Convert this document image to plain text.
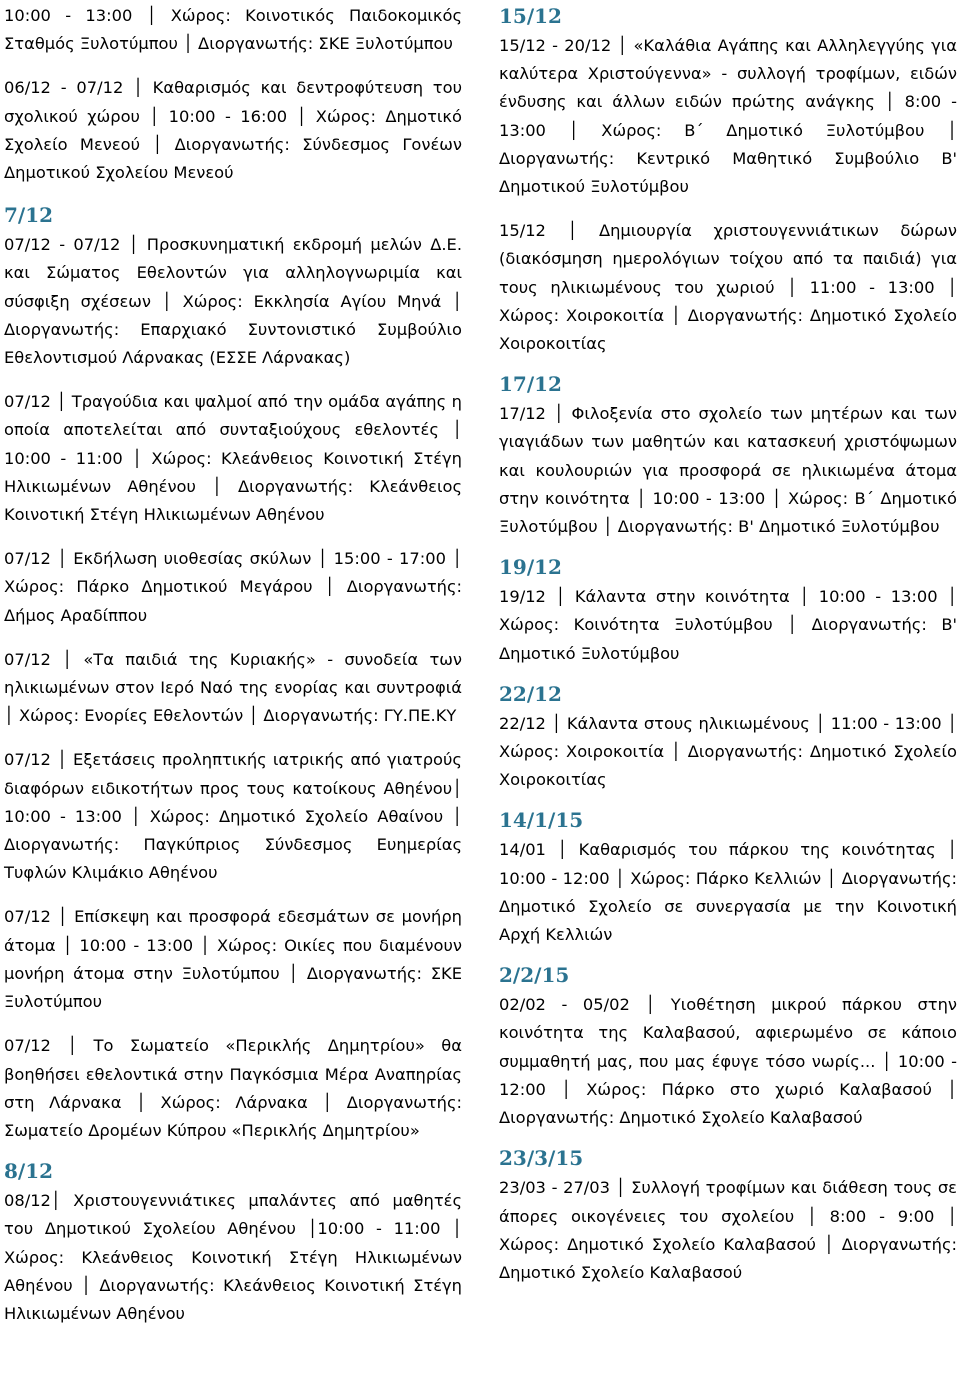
10:00 - 13:00 │ Χώρος: Κοινοτικός Παιδοκομικός Σταθμός Ξυλοτύμπου │ Διοργανωτής: ΣΚΕ Ξυλοτύμπου

06/12 - 07/12 │ Καθαρισμός και δεντροφύτευση του σχολικού χώρου │ 10:00 - 16:00 │ Χώρος: Δημοτικό Σχολείο Μενεού │ Διοργανωτής: Σύνδεσμος Γονέων Δημοτικού Σχολείου Μενεού

7/12

07/12 - 07/12 │ Προσκυνηματική εκδρομή μελών Δ.Ε. και Σώματος Εθελοντών για αλληλογνωριμία και σύσφιξη σχέσεων │ Χώρος: Εκκλησία Αγίου Μηνά │ Διοργανωτής: Επαρχιακό Συντονιστικό Συμβούλιο Εθελοντισμού Λάρνακας (ΕΣΣΕ Λάρνακας)

07/12 │ Τραγούδια και ψαλμοί από την ομάδα αγάπης η οποία αποτελείται από συνταξιούχους εθελοντές │ 10:00 - 11:00 │ Χώρος: Κλεάνθειος Κοινοτική Στέγη Ηλικιωμένων Αθηένου │ Διοργανωτής: Κλεάνθειος Κοινοτική Στέγη Ηλικιωμένων Αθηένου

07/12 │ Εκδήλωση υιοθεσίας σκύλων │ 15:00 - 17:00 │ Χώρος: Πάρκο Δημοτικού Μεγάρου │ Διοργανωτής: Δήμος Αραδίππου

07/12 │ «Τα παιδιά της Κυριακής» - συνοδεία των ηλικιωμένων στον Ιερό Ναό της ενορίας και συντροφιά │ Χώρος: Ενορίες Εθελοντών │ Διοργανωτής: ΓΥ.ΠΕ.ΚΥ

07/12 │ Εξετάσεις προληπτικής ιατρικής από γιατρούς διαφόρων ειδικοτήτων προς τους κατοίκους Αθηένου│ 10:00 - 13:00 │ Χώρος: Δημοτικό Σχολείο Αθαίνου │ Διοργανωτής: Παγκύπριος Σύνδεσμος Ευημερίας Τυφλών Κλιμάκιο Αθηένου

07/12 │ Επίσκεψη και προσφορά εδεσμάτων σε μονήρη άτομα │ 10:00 - 13:00 │ Χώρος: Οικίες που διαμένουν μονήρη άτομα στην Ξυλοτύμπου │ Διοργανωτής: ΣΚΕ Ξυλοτύμπου

07/12 │ Το Σωματείο «Περικλής Δημητρίου» θα βοηθήσει εθελοντικά στην Παγκόσμια Μέρα Αναπηρίας στη Λάρνακα │ Χώρος: Λάρνακα │ Διοργανωτής: Σωματείο Δρομέων Κύπρου «Περικλής Δημητρίου»

8/12

08/12│ Χριστουγεννιάτικες μπαλάντες από μαθητές του Δημοτικού Σχολείου Αθηένου │10:00 - 11:00 │ Χώρος: Κλεάνθειος Κοινοτική Στέγη Ηλικιωμένων Αθηένου │ Διοργανωτής: Κλεάνθειος Κοινοτική Στέγη Ηλικιωμένων Αθηένου

15/12

15/12 - 20/12 │ «Καλάθια Αγάπης και Αλληλεγγύης για καλύτερα Χριστούγεννα» - συλλογή τροφίμων, ειδών ένδυσης και άλλων ειδών πρώτης ανάγκης │ 8:00 - 13:00 │ Χώρος: Β΄ Δημοτικό Ξυλοτύμβου │ Διοργανωτής: Κεντρικό Μαθητικό Συμβούλιο Β' Δημοτικού Ξυλοτύμβου

15/12 │ Δημιουργία χριστουγεννιάτικων δώρων (διακόσμηση ημερολόγιων τοίχου από τα παιδιά) για τους ηλικιωμένους του χωριού │ 11:00 - 13:00 │ Χώρος: Χοιροκοιτία │ Διοργανωτής: Δημοτικό Σχολείο Χοιροκοιτίας

17/12

17/12 │ Φιλοξενία στο σχολείο των μητέρων και των γιαγιάδων των μαθητών και κατασκευή χριστόψωμων και κουλουριών για προσφορά σε ηλικιωμένα άτομα στην κοινότητα │ 10:00 - 13:00 │ Χώρος: Β΄ Δημοτικό Ξυλοτύμβου │ Διοργανωτής: Β' Δημοτικό Ξυλοτύμβου

19/12

19/12 │ Κάλαντα στην κοινότητα │ 10:00 - 13:00 │ Χώρος: Κοινότητα Ξυλοτύμβου │ Διοργανωτής: Β' Δημοτικό Ξυλοτύμβου

22/12

22/12 │ Κάλαντα στους ηλικιωμένους │ 11:00 - 13:00 │ Χώρος: Χοιροκοιτία │ Διοργανωτής: Δημοτικό Σχολείο Χοιροκοιτίας

14/1/15

14/01 │ Καθαρισμός του πάρκου της κοινότητας │ 10:00 - 12:00 │ Χώρος: Πάρκο Κελλιών │ Διοργανωτής: Δημοτικό Σχολείο σε συνεργασία με την Κοινοτική Αρχή Κελλιών

2/2/15

02/02 - 05/02 │ Υιοθέτηση μικρού πάρκου στην κοινότητα της Καλαβασού, αφιερωμένο σε κάποιο συμμαθητή μας, που μας έφυγε τόσο νωρίς... │ 10:00 - 12:00 │ Χώρος: Πάρκο στο χωριό Καλαβασού │ Διοργανωτής: Δημοτικό Σχολείο Καλαβασού

23/3/15

23/03 - 27/03 │ Συλλογή τροφίμων και διάθεση τους σε άπορες οικογένειες του σχολείου │ 8:00 - 9:00 │ Χώρος: Δημοτικό Σχολείο Καλαβασού │ Διοργανωτής: Δημοτικό Σχολείο Καλαβασού
